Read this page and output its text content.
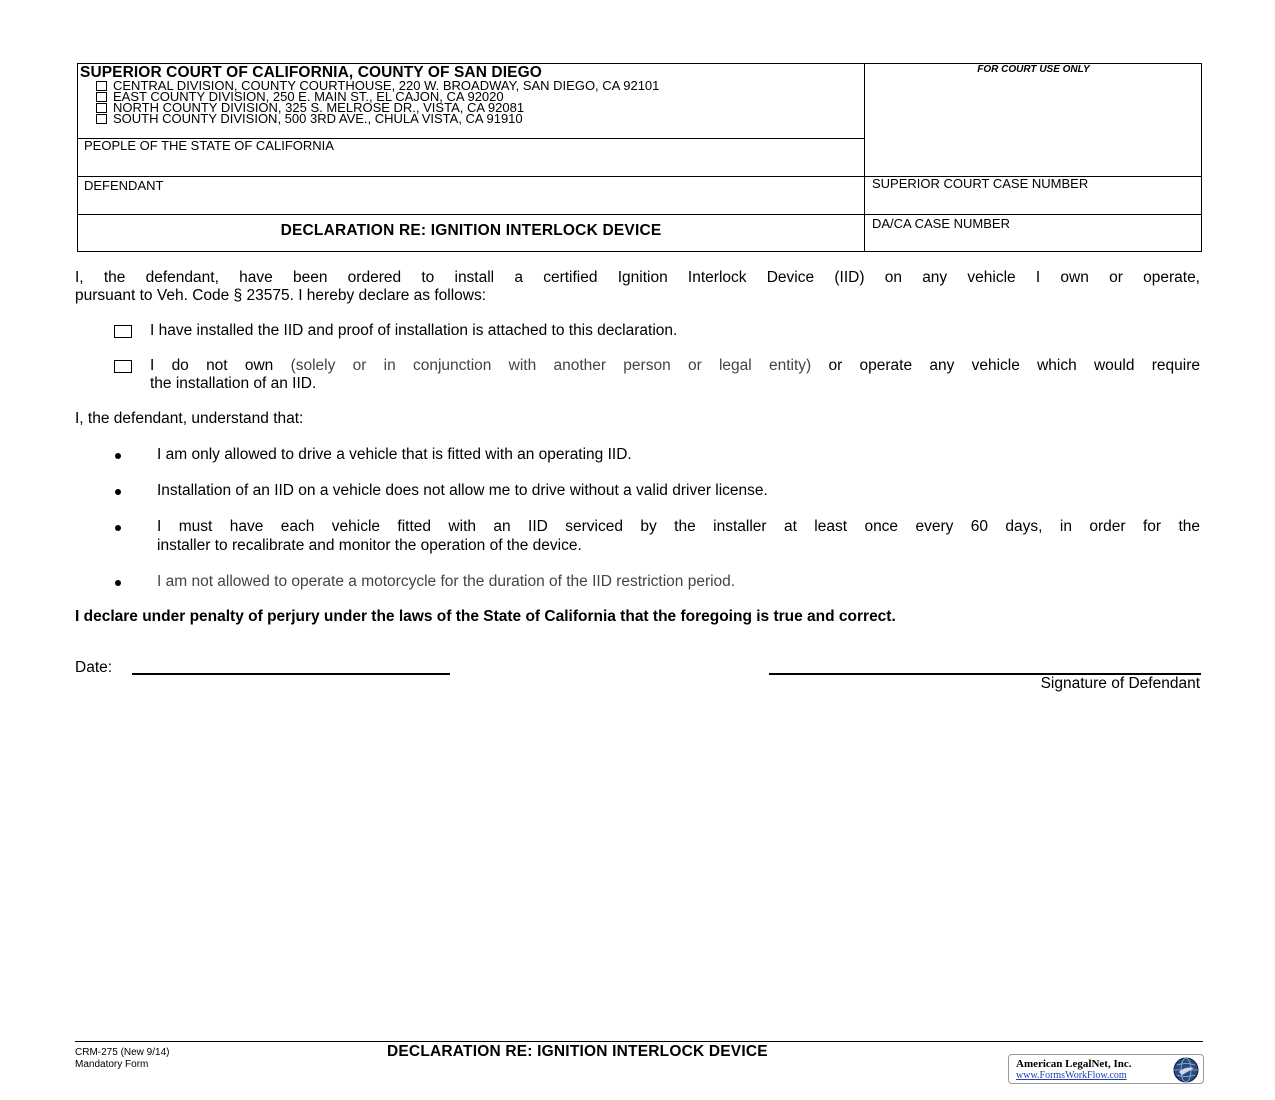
SUPERIOR COURT OF CALIFORNIA, COUNTY OF SAN DIEGO
CENTRAL DIVISION, COUNTY COURTHOUSE, 220 W. BROADWAY, SAN DIEGO, CA 92101
EAST COUNTY DIVISION, 250 E. MAIN ST., EL CAJON, CA 92020
NORTH COUNTY DIVISION, 325 S. MELROSE DR., VISTA, CA 92081
SOUTH COUNTY DIVISION, 500 3RD AVE., CHULA VISTA, CA 91910
FOR COURT USE ONLY
PEOPLE OF THE STATE OF CALIFORNIA
DEFENDANT	SUPERIOR COURT CASE NUMBER
DA/CA CASE NUMBER
DECLARATION RE: IGNITION INTERLOCK DEVICE
I, the defendant, have been ordered to install a certified Ignition Interlock Device (IID) on any vehicle I own or operate,
pursuant to Veh. Code § 23575. I hereby declare as follows:
I have installed the IID and proof of installation is attached to this declaration.
I do not own (solely or in conjunction with another person or legal entity) or operate any vehicle which would require
the installation of an IID.
I, the defendant, understand that:
I am only allowed to drive a vehicle that is fitted with an operating IID.
Installation of an IID on a vehicle does not allow me to drive without a valid driver license.
I must have each vehicle fitted with an IID serviced by the installer at least once every 60 days, in order for the
installer to recalibrate and monitor the operation of the device.
I am not allowed to operate a motorcycle for the duration of the IID restriction period.
I declare under penalty of perjury under the laws of the State of California that the foregoing is true and correct.
Date:
Signature of Defendant
CRM-275 (New 9/14)
Mandatory Form
DECLARATION RE: IGNITION INTERLOCK DEVICE
American LegalNet, Inc.
www.FormsWorkFlow.com
